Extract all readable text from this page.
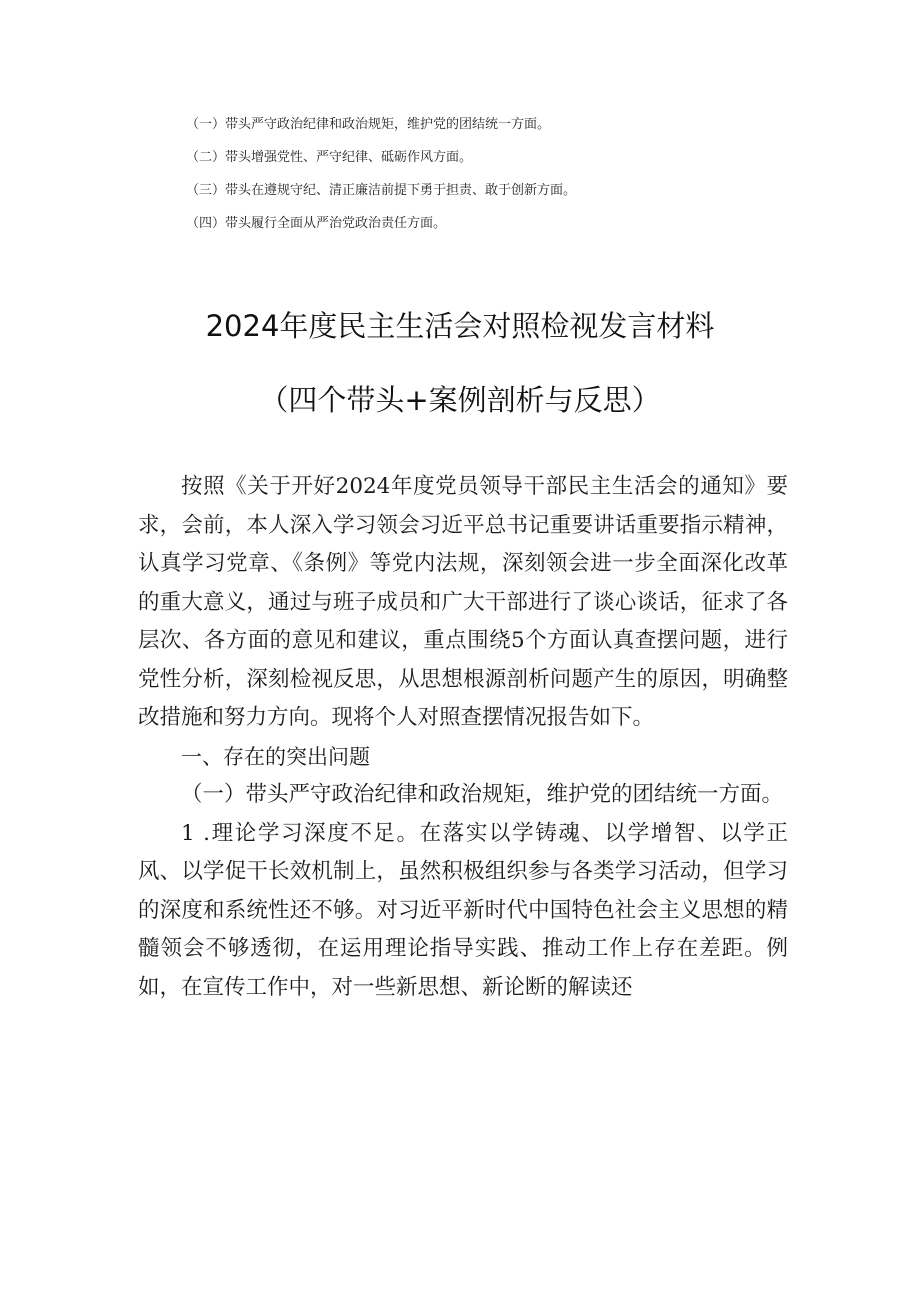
（一）带头严守政治纪律和政治规矩，维护党的团结统一方面。
（二）带头增强党性、严守纪律、砥砺作风方面。
（三）带头在遵规守纪、清正廉洁前提下勇于担责、敢于创新方面。
（四）带头履行全面从严治党政治责任方面。
2024年度民主生活会对照检视发言材料
（四个带头+案例剖析与反思）

按照《关于开好2024年度党员领导干部民主生活会的通知》要求，会前，本人深入学习领会习近平总书记重要讲话重要指示精神，认真学习党章、《条例》等党内法规，深刻领会进一步全面深化改革的重大意义，通过与班子成员和广大干部进行了谈心谈话，征求了各层次、各方面的意见和建议，重点围绕5个方面认真查摆问题，进行党性分析，深刻检视反思，从思想根源剖析问题产生的原因，明确整改措施和努力方向。现将个人对照查摆情况报告如下。

一、存在的突出问题

（一）带头严守政治纪律和政治规矩，维护党的团结统一方面。

1 .理论学习深度不足。在落实以学铸魂、以学增智、以学正风、以学促干长效机制上，虽然积极组织参与各类学习活动，但学习的深度和系统性还不够。对习近平新时代中国特色社会主义思想的精髓领会不够透彻，在运用理论指导实践、推动工作上存在差距。例如，在宣传工作中，对一些新思想、新论断的解读还
